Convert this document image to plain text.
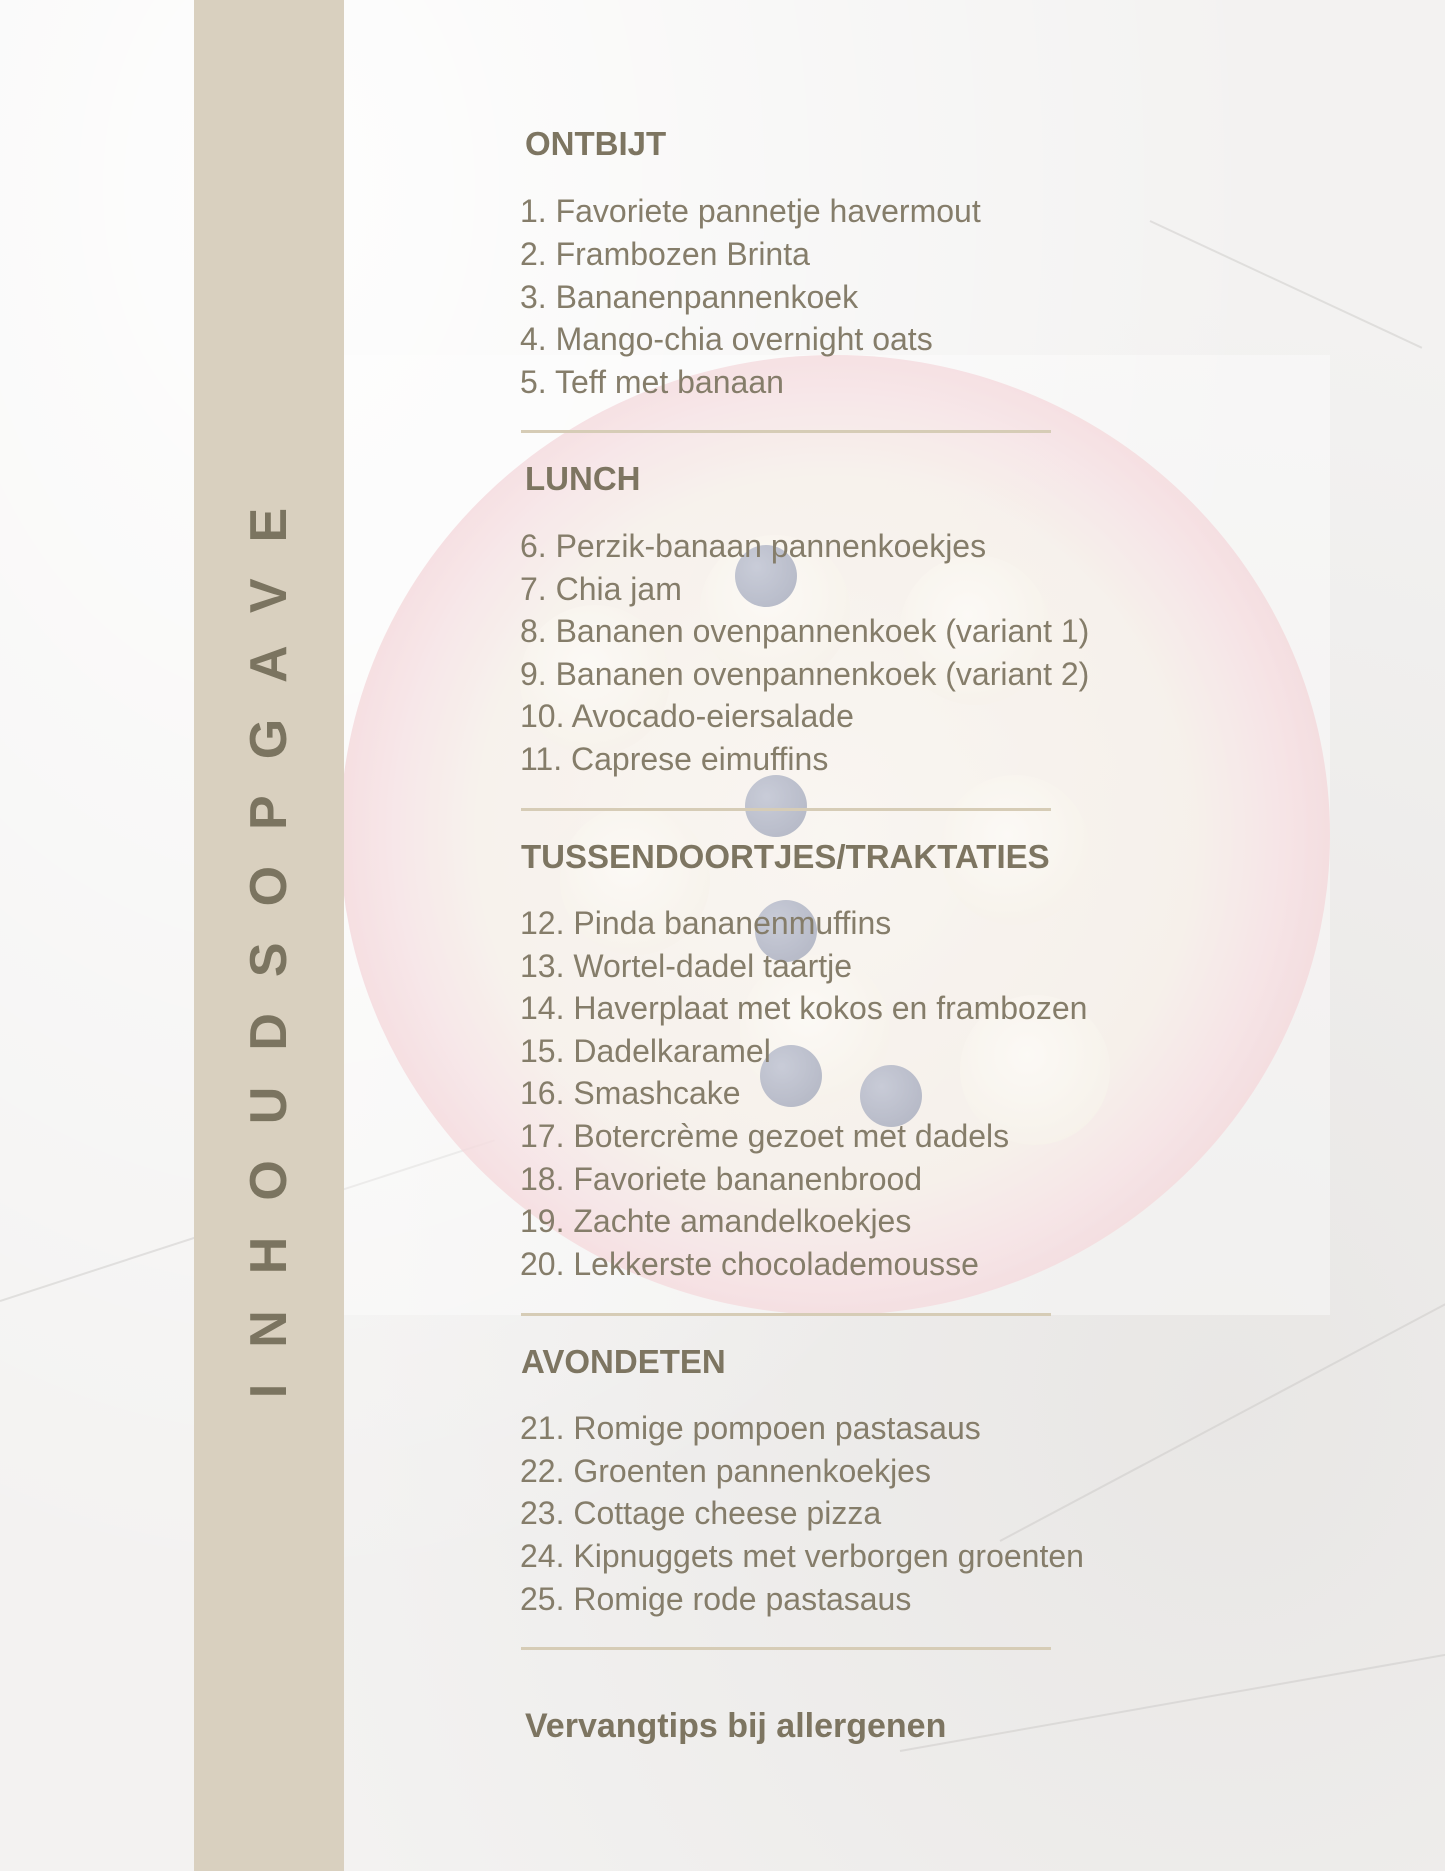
INHOUDSOPGAVE
ONTBIJT
1. Favoriete pannetje havermout
2. Frambozen Brinta
3. Bananenpannenkoek
4. Mango-chia overnight oats
5. Teff met banaan
LUNCH
6. Perzik-banaan pannenkoekjes
7. Chia jam
8. Bananen ovenpannenkoek (variant 1)
9. Bananen ovenpannenkoek (variant 2)
10. Avocado-eiersalade
11. Caprese eimuffins
TUSSENDOORTJES/TRAKTATIES
12. Pinda bananenmuffins
13. Wortel-dadel taartje
14. Haverplaat met kokos en frambozen
15. Dadelkaramel
16. Smashcake
17. Botercrème gezoet met dadels
18. Favoriete bananenbrood
19. Zachte amandelkoekjes
20. Lekkerste chocolademousse
AVONDETEN
21. Romige pompoen pastasaus
22. Groenten pannenkoekjes
23. Cottage cheese pizza
24. Kipnuggets met verborgen groenten
25. Romige rode pastasaus
Vervangtips bij allergenen
